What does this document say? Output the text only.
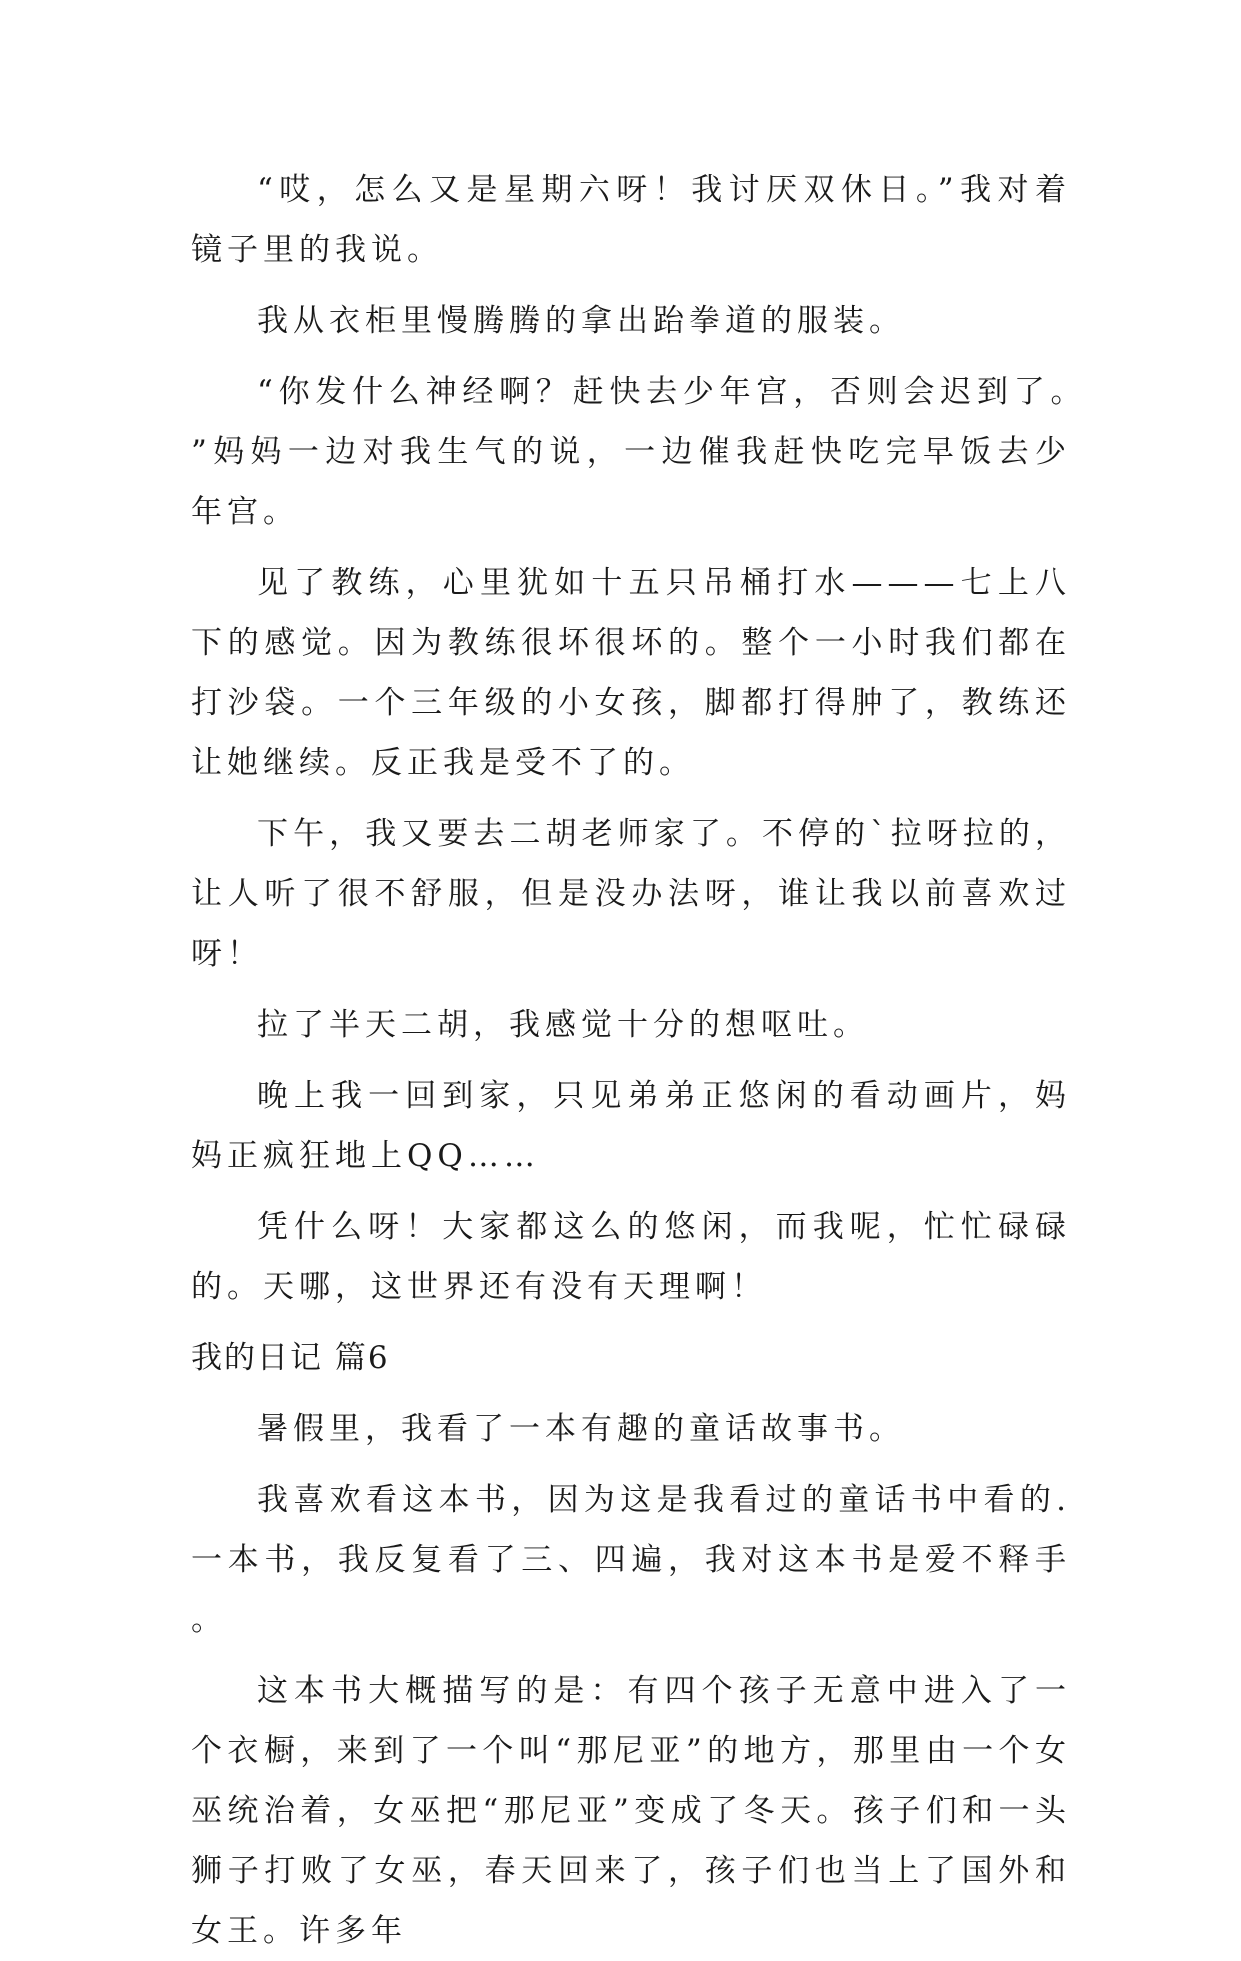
“哎，怎么又是星期六呀！我讨厌双休日。”我对着镜子里的我说。

我从衣柜里慢腾腾的拿出跆拳道的服装。

“你发什么神经啊？赶快去少年宫，否则会迟到了。”妈妈一边对我生气的说，一边催我赶快吃完早饭去少年宫。

见了教练，心里犹如十五只吊桶打水———七上八下的感觉。因为教练很坏很坏的。整个一小时我们都在打沙袋。一个三年级的小女孩，脚都打得肿了，教练还让她继续。反正我是受不了的。

下午，我又要去二胡老师家了。不停的`拉呀拉的，让人听了很不舒服，但是没办法呀，谁让我以前喜欢过呀！

拉了半天二胡，我感觉十分的想呕吐。

晚上我一回到家，只见弟弟正悠闲的看动画片，妈妈正疯狂地上QQ……

凭什么呀！大家都这么的悠闲，而我呢，忙忙碌碌的。天哪，这世界还有没有天理啊！

我的日记 篇6

暑假里，我看了一本有趣的童话故事书。

我喜欢看这本书，因为这是我看过的童话书中看的.一本书，我反复看了三、四遍，我对这本书是爱不释手。

这本书大概描写的是：有四个孩子无意中进入了一个衣橱，来到了一个叫“那尼亚”的地方，那里由一个女巫统治着，女巫把“那尼亚”变成了冬天。孩子们和一头狮子打败了女巫，春天回来了，孩子们也当上了国外和女王。许多年
